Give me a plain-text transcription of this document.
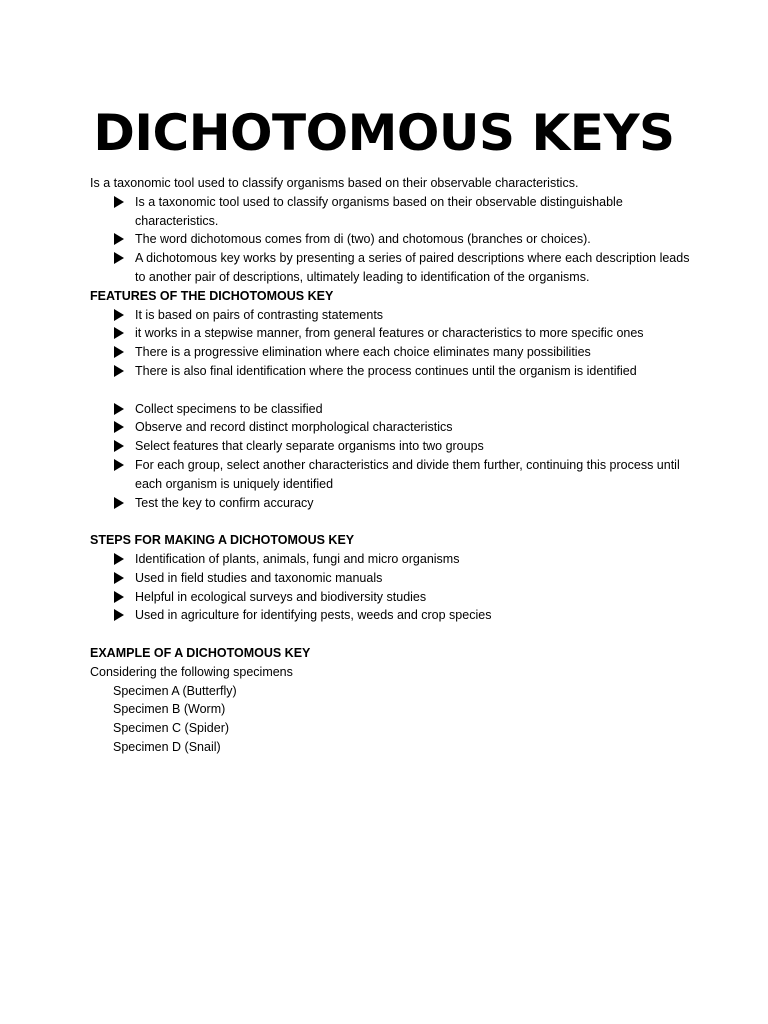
DICHOTOMOUS KEYS

Is a taxonomic tool used to classify organisms based on their observable characteristics.

Is a taxonomic tool used to classify organisms based on their observable distinguishable characteristics.
The word dichotomous comes from di (two) and chotomous (branches or choices).
A dichotomous key works by presenting a series of paired descriptions where each description leads to another pair of descriptions, ultimately leading to identification of the organisms.

FEATURES OF THE DICHOTOMOUS KEY

It is based on pairs of contrasting statements
it works in a stepwise manner, from general features or characteristics to more specific ones
There is a progressive elimination where each choice eliminates many possibilities
There is also final identification where the process continues until the organism is identified
Collect specimens to be classified
Observe and record distinct morphological characteristics
Select features that clearly separate organisms into two groups
For each group, select another characteristics and divide them further, continuing this process until each organism is uniquely identified
Test the key to confirm accuracy

STEPS FOR MAKING A DICHOTOMOUS KEY

Identification of plants, animals, fungi and micro organisms
Used in field studies and taxonomic manuals
Helpful in ecological surveys and biodiversity studies
Used in agriculture for identifying pests, weeds and crop species

EXAMPLE OF A DICHOTOMOUS KEY

Considering the following specimens

Specimen A (Butterfly)
Specimen B (Worm)
Specimen C (Spider)
Specimen D (Snail)
